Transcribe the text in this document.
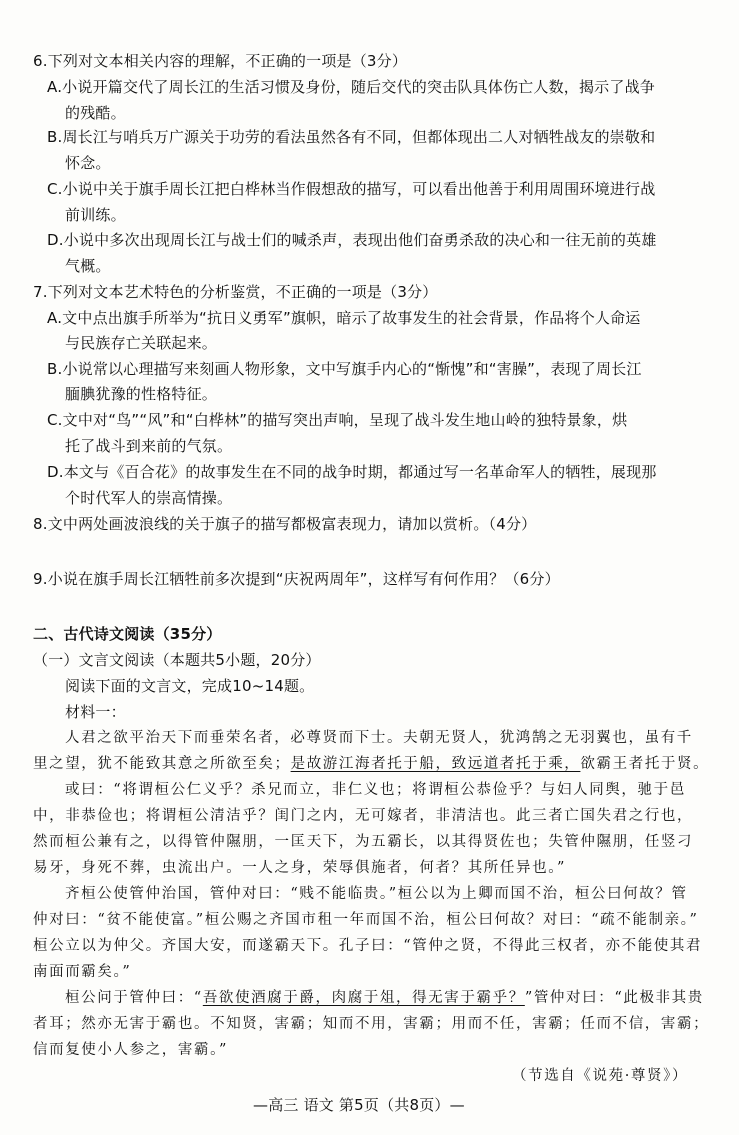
6.下列对文本相关内容的理解，不正确的一项是（3分）
A.小说开篇交代了周长江的生活习惯及身份，随后交代的突击队具体伤亡人数，揭示了战争
的残酷。
B.周长江与哨兵万广源关于功劳的看法虽然各有不同，但都体现出二人对牺牲战友的崇敬和
怀念。
C.小说中关于旗手周长江把白桦林当作假想敌的描写，可以看出他善于利用周围环境进行战
前训练。
D.小说中多次出现周长江与战士们的喊杀声，表现出他们奋勇杀敌的决心和一往无前的英雄
气概。
7.下列对文本艺术特色的分析鉴赏，不正确的一项是（3分）
A.文中点出旗手所举为“抗日义勇军”旗帜，暗示了故事发生的社会背景，作品将个人命运
与民族存亡关联起来。
B.小说常以心理描写来刻画人物形象，文中写旗手内心的“惭愧”和“害臊”，表现了周长江
腼腆犹豫的性格特征。
C.文中对“鸟”“风”和“白桦林”的描写突出声响，呈现了战斗发生地山岭的独特景象，烘
托了战斗到来前的气氛。
D.本文与《百合花》的故事发生在不同的战争时期，都通过写一名革命军人的牺牲，展现那
个时代军人的崇高情操。
8.文中两处画波浪线的关于旗子的描写都极富表现力，请加以赏析。（4分）
9.小说在旗手周长江牺牲前多次提到“庆祝两周年”，这样写有何作用？（6分）
二、古代诗文阅读（35分）
（一）文言文阅读（本题共5小题，20分）
阅读下面的文言文，完成10~14题。
材料一：
人君之欲平治天下而垂荣名者，必尊贤而下士。夫朝无贤人，犹鸿鹄之无羽翼也，虽有千
里之望，犹不能致其意之所欲至矣；是故游江海者托于船，致远道者托于乘，欲霸王者托于贤。
或曰：“将谓桓公仁义乎？杀兄而立，非仁义也；将谓桓公恭俭乎？与妇人同舆，驰于邑
中，非恭俭也；将谓桓公清洁乎？闺门之内，无可嫁者，非清洁也。此三者亡国失君之行也，
然而桓公兼有之，以得管仲隰朋，一匡天下，为五霸长，以其得贤佐也；失管仲隰朋，任竖刁
易牙，身死不葬，虫流出户。一人之身，荣辱俱施者，何者？其所任异也。”
齐桓公使管仲治国，管仲对曰：“贱不能临贵。”桓公以为上卿而国不治，桓公曰何故？管
仲对曰：“贫不能使富。”桓公赐之齐国市租一年而国不治，桓公曰何故？对曰：“疏不能制亲。”
桓公立以为仲父。齐国大安，而遂霸天下。孔子曰：“管仲之贤，不得此三权者，亦不能使其君
南面而霸矣。”
桓公问于管仲曰：“吾欲使酒腐于爵，肉腐于俎，得无害于霸乎？”管仲对曰：“此极非其贵
者耳；然亦无害于霸也。不知贤，害霸；知而不用，害霸；用而不任，害霸；任而不信，害霸；
信而复使小人参之，害霸。”
（节选自《说苑·尊贤》）
—高三 语文 第5页（共8页）—
